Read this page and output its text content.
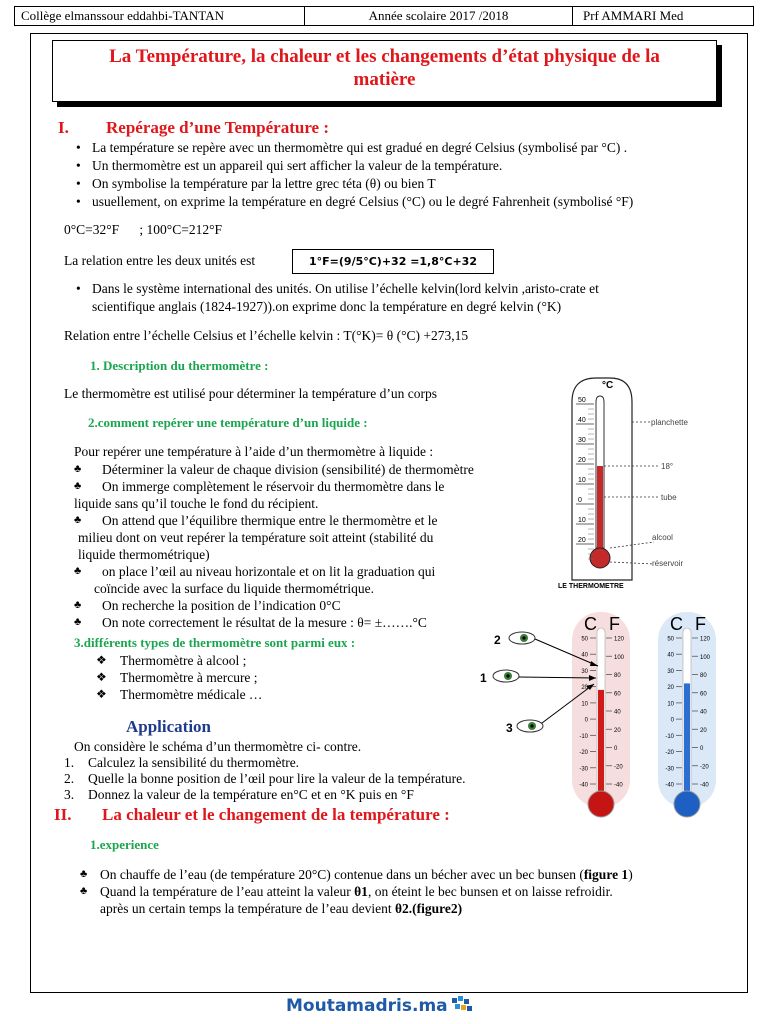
Collège elmanssour eddahbi-TANTAN	Année scolaire 2017 /2018	Prf AMMARI Med
La Température, la chaleur et les changements d’état physique de la
matière
I. Repérage d’une Température :
• La température se repère avec un thermomètre qui est gradué en degré Celsius (symbolisé par °C) .
• Un thermomètre est un appareil qui sert afficher la valeur de la température.
• On symbolise la température par la lettre grec téta (θ) ou bien T
• usuellement, on exprime la température en degré Celsius (°C) ou le degré Fahrenheit (symbolisé °F)
0°C=32°F      ; 100°C=212°F
La relation entre les deux unités est	1°F=(9/5°C)+32 =1,8°C+32
• Dans le système international des unités. On utilise l’échelle kelvin(lord kelvin ,aristo-crate et
scientifique anglais (1824-1927)).on exprime donc la température en degré kelvin (°K)
Relation entre l’échelle Celsius et l’échelle kelvin : T(°K)= θ (°C) +273,15
1. Description du thermomètre :
Le thermomètre est utilisé pour déterminer la température d’un corps
2.comment repérer une température d’un liquide :
Pour repérer une température à l’aide d’un thermomètre à liquide :
♣ Déterminer la valeur de chaque division (sensibilité) de thermomètre
♣ On immerge complètement le réservoir du thermomètre dans le
liquide sans qu’il touche le fond du récipient.
♣ On attend que l’équilibre thermique entre le thermomètre et le
milieu dont on veut repérer la température soit atteint (stabilité du
liquide thermométrique)
♣ on place l’œil au niveau horizontale et on lit la graduation qui
coïncide avec la surface du liquide thermométrique.
♣ On recherche la position de l’indication 0°C
♣ On note correctement le résultat de la mesure : θ= ±…….°C
3.différents types de thermomètre sont parmi eux :
❖ Thermomètre à alcool ;
❖ Thermomètre à mercure ;
❖ Thermomètre médicale …
Application
On considère le schéma d’un thermomètre ci- contre.
1. Calculez la sensibilité du thermomètre.
2. Quelle la bonne position de l’œil pour lire la valeur de la température.
3. Donnez la valeur de la température en°C et en °K puis en °F
II. La chaleur et le changement de la température :
1.experience
♣ On chauffe de l’eau (de température 20°C) contenue dans un bécher avec un bec bunsen (figure 1)
♣ Quand la température de l’eau atteint la valeur θ1, on éteint le bec bunsen et on laisse refroidir.
après un certain temps la température de l’eau devient θ2.(figure2)
50
40
30
20
10
0
10
20
°C
planchette
18°
tube
alcool
réservoir
LE THERMOMETRE
C F
50
40
30
20
10
0
-10
-20
-30
-40
120
100
80
60
40
20
0
-20
-40
C F
50
40
30
20
10
0
-10
-20
-30
-40
120
100
80
60
40
20
0
-20
-40
2
1
3
Moutamadris.ma
